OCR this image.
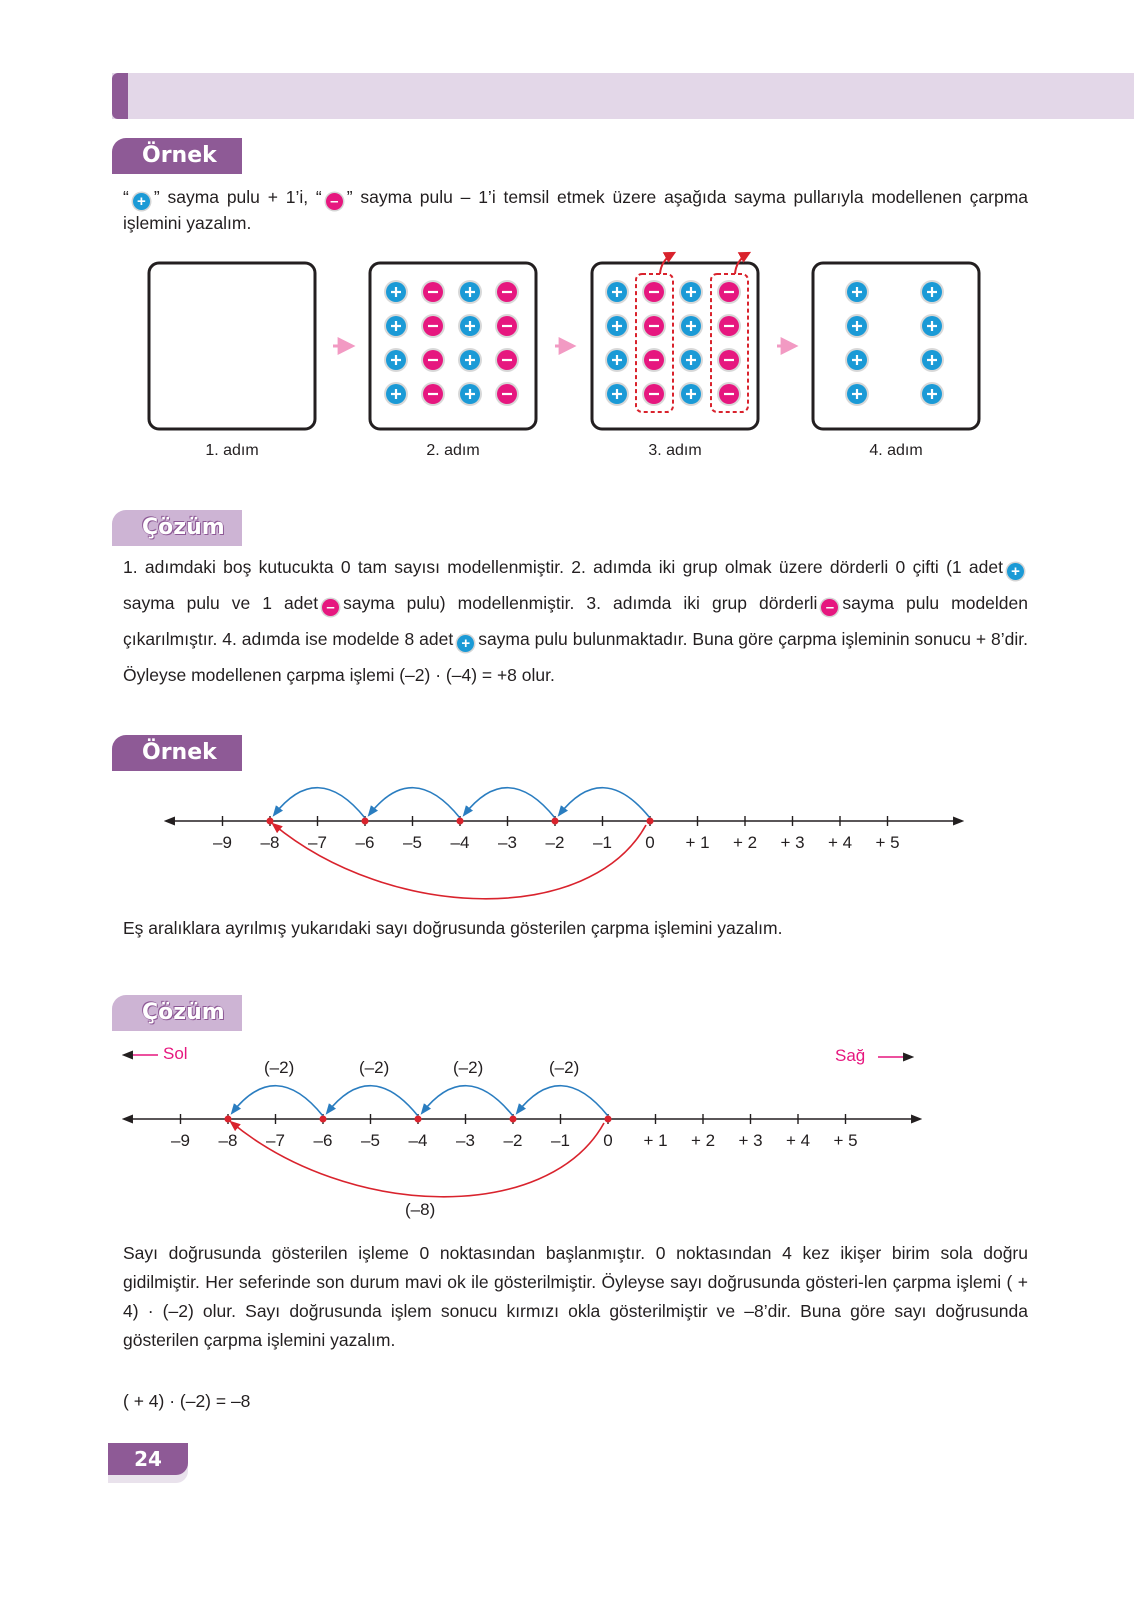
Örnek
“ + ” sayma pulu + 1’i, “ – ” sayma pulu – 1’i temsil etmek üzere aşağıda sayma pullarıyla modellenen çarpma işlemini yazalım.
1. adım	2. adım	3. adım	4. adım
Çözüm
1. adımdaki boş kutucukta 0 tam sayısı modellenmiştir. 2. adımda iki grup olmak üzere dörderli 0 çifti (1 adet +sayma pulu ve 1 adet – sayma pulu) modellenmiştir. 3. adımda iki grup dörderli – sayma pulu modelden çıkarılmıştır. 4. adımda ise modelde 8 adet + sayma pulu bulunmaktadır. Buna göre çarpma işleminin sonucu + 8’dir. Öyleyse modellenen çarpma işlemi (–2) · (–4) = +8 olur.
Örnek
–9 –8 –7 –6 –5 –4 –3 –2 –1 0 + 1 + 2 + 3 + 4 + 5
Eş aralıklara ayrılmış yukarıdaki sayı doğrusunda gösterilen çarpma işlemini yazalım.
Çözüm
–9 –8 –7 –6 –5 –4 –3 –2 –1 0 + 1 + 2 + 3 + 4 + 5
Sol	Sağ
(–2)	(–2)	(–2)	(–2)
(–8)
Sayı doğrusunda gösterilen işleme 0 noktasından başlanmıştır. 0 noktasından 4 kez ikişer birim sola doğru gidilmiştir. Her seferinde son durum mavi ok ile gösterilmiştir. Öyleyse sayı doğrusunda gösteri-len çarpma işlemi ( + 4) · (–2) olur. Sayı doğrusunda işlem sonucu kırmızı okla gösterilmiştir ve –8’dir. Buna göre sayı doğrusunda gösterilen çarpma işlemini yazalım.
( + 4) · (–2) = –8
24
